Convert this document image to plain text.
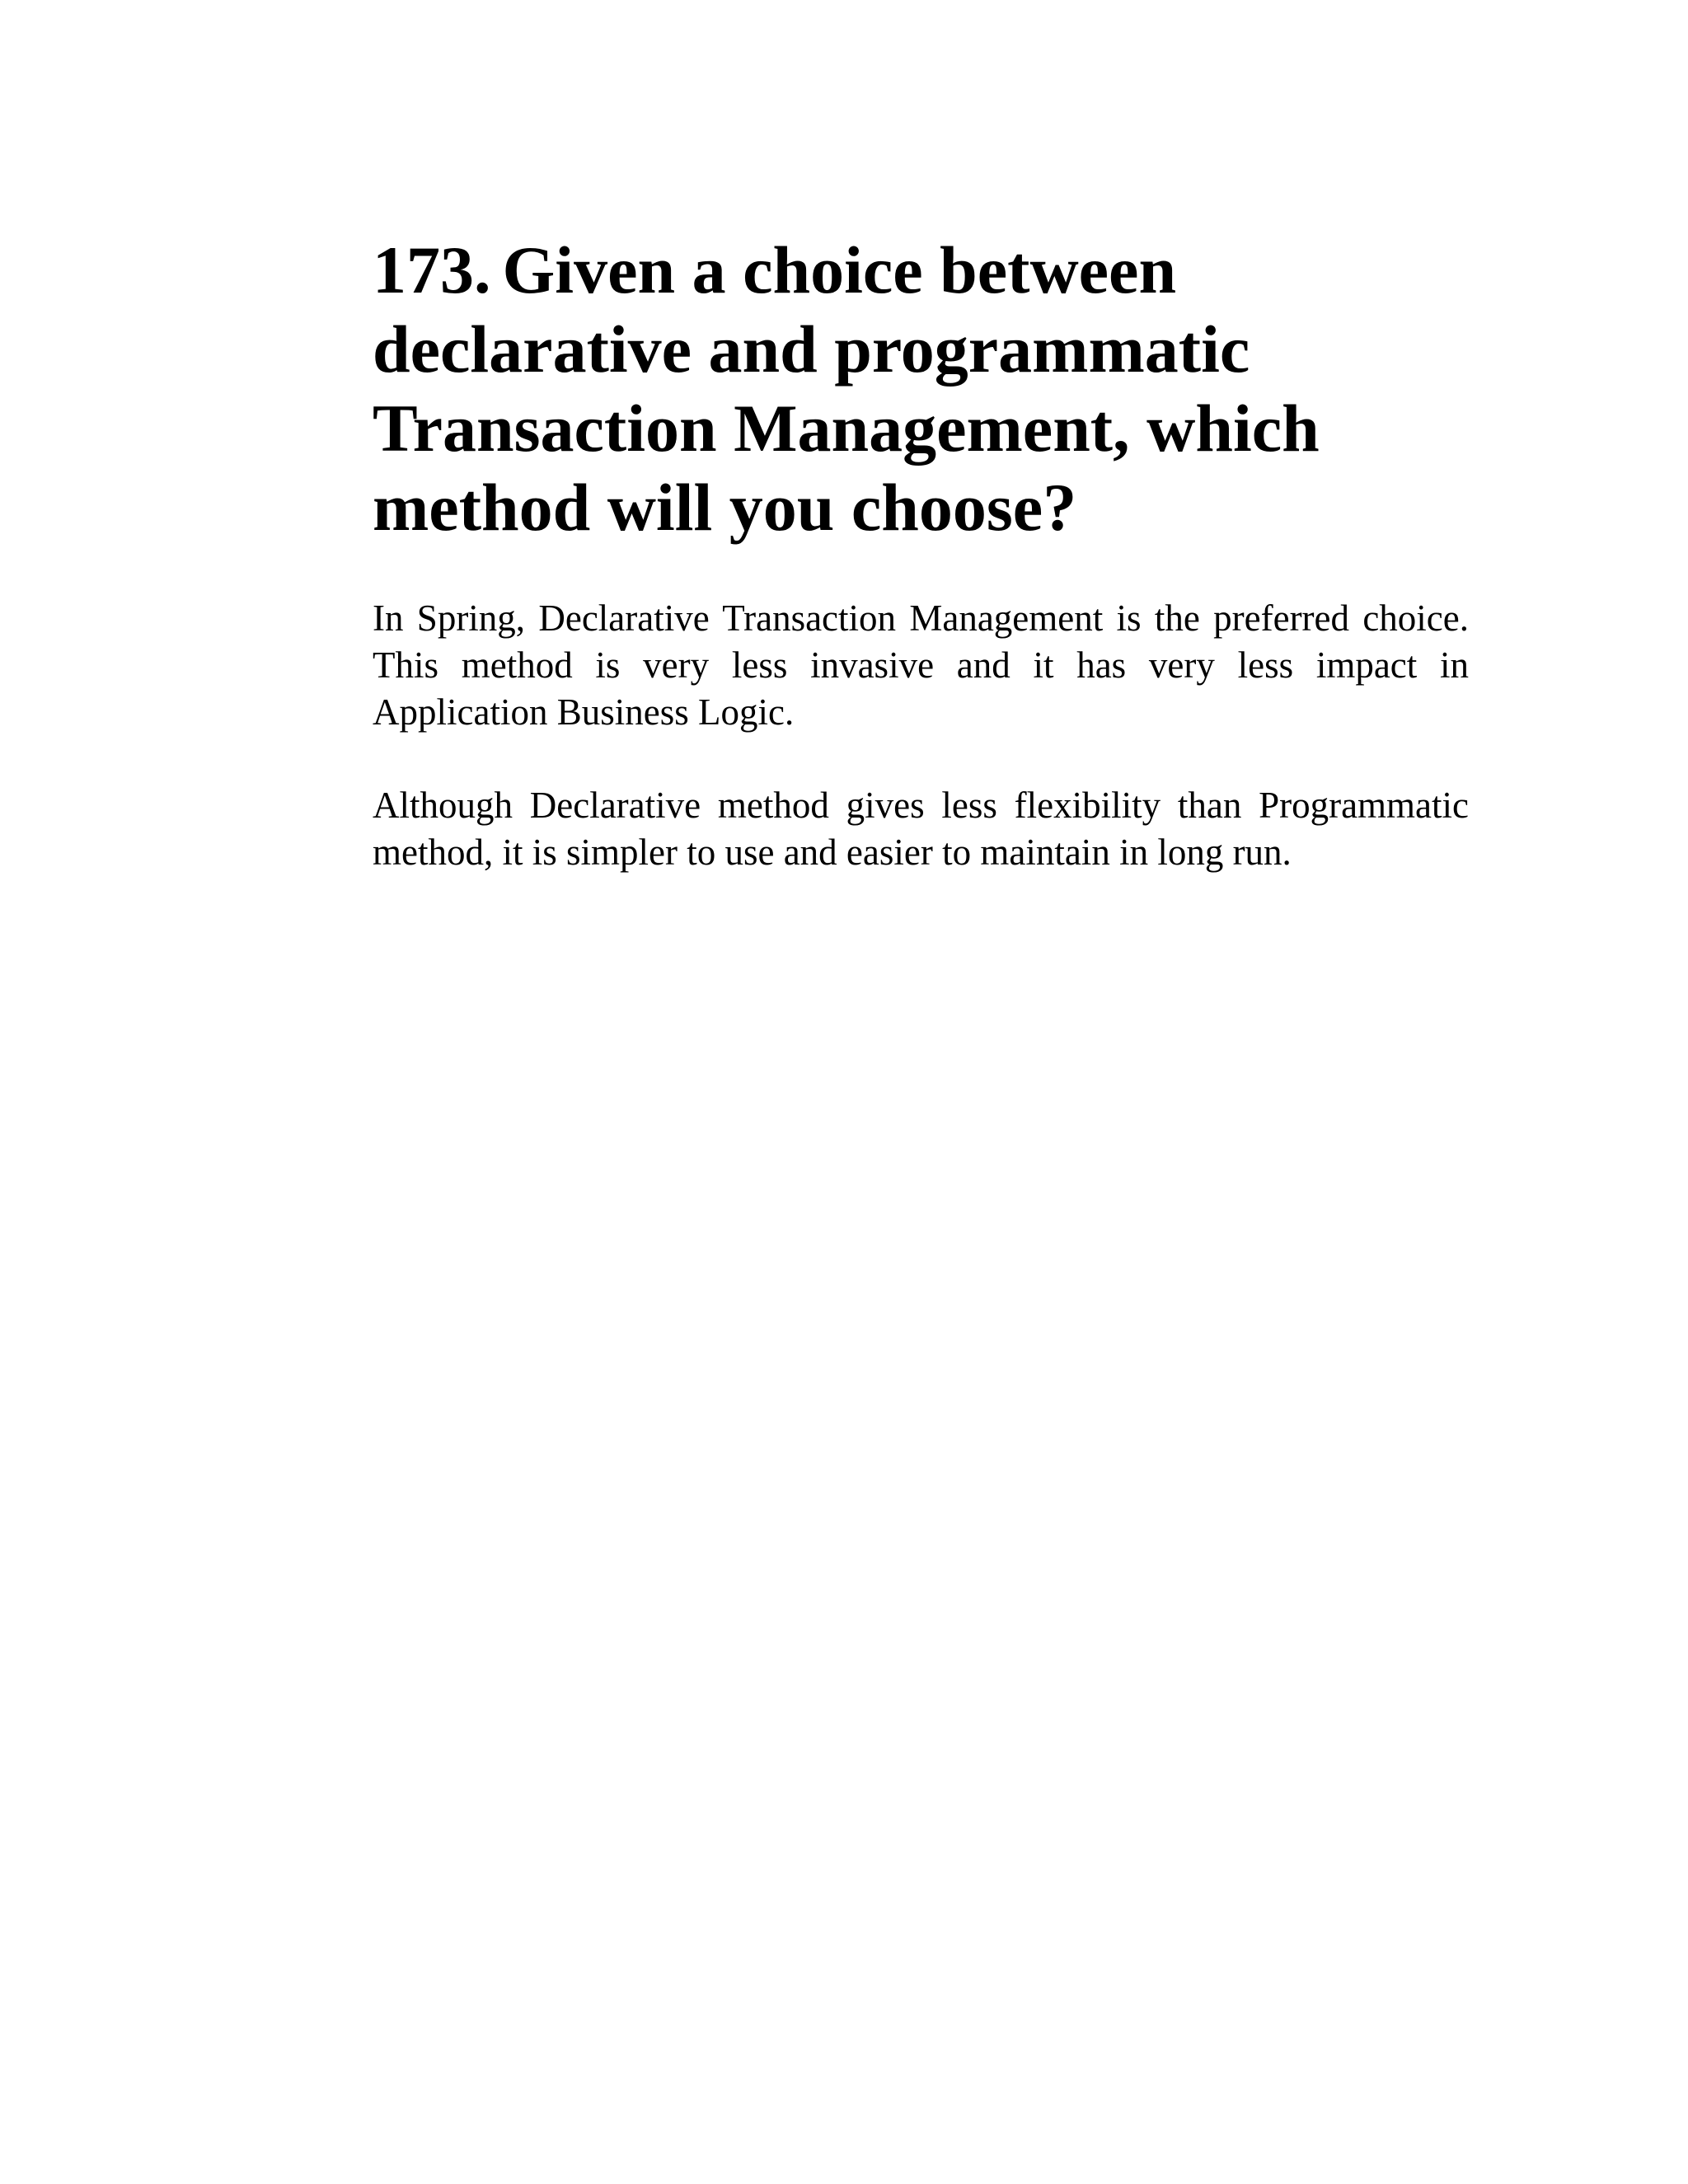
173. Given a choice between declarative and programmatic Transaction Management, which method will you choose?

In Spring, Declarative Transaction Management is the preferred choice. This method is very less invasive and it has very less impact in Application Business Logic.

Although Declarative method gives less flexibility than Programmatic method, it is simpler to use and easier to maintain in long run.
